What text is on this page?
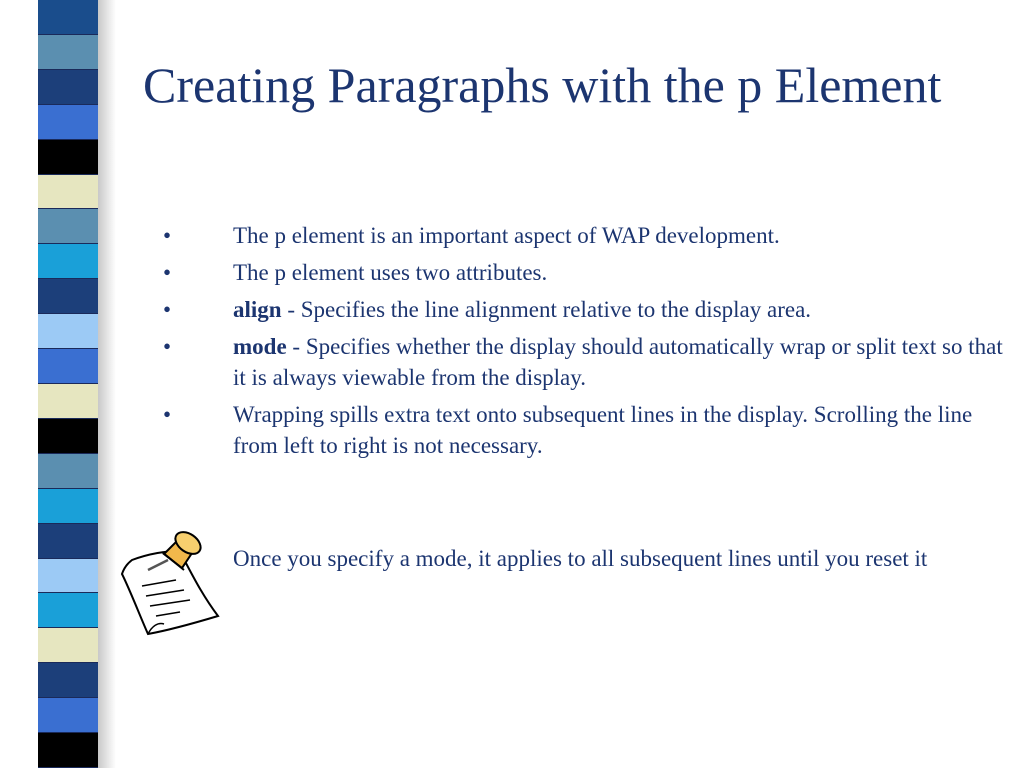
Creating Paragraphs with the p Element
•	The p element is an important aspect of WAP development.
•	The p element uses two attributes.
•	align - Specifies the line alignment relative to the display area.
•	mode - Specifies whether the display should automatically wrap or split text so that it is always viewable from the display.
•	Wrapping spills extra text onto subsequent lines in the display. Scrolling the line from left to right is not necessary.

Once you specify a mode, it applies to all subsequent lines until you reset it
